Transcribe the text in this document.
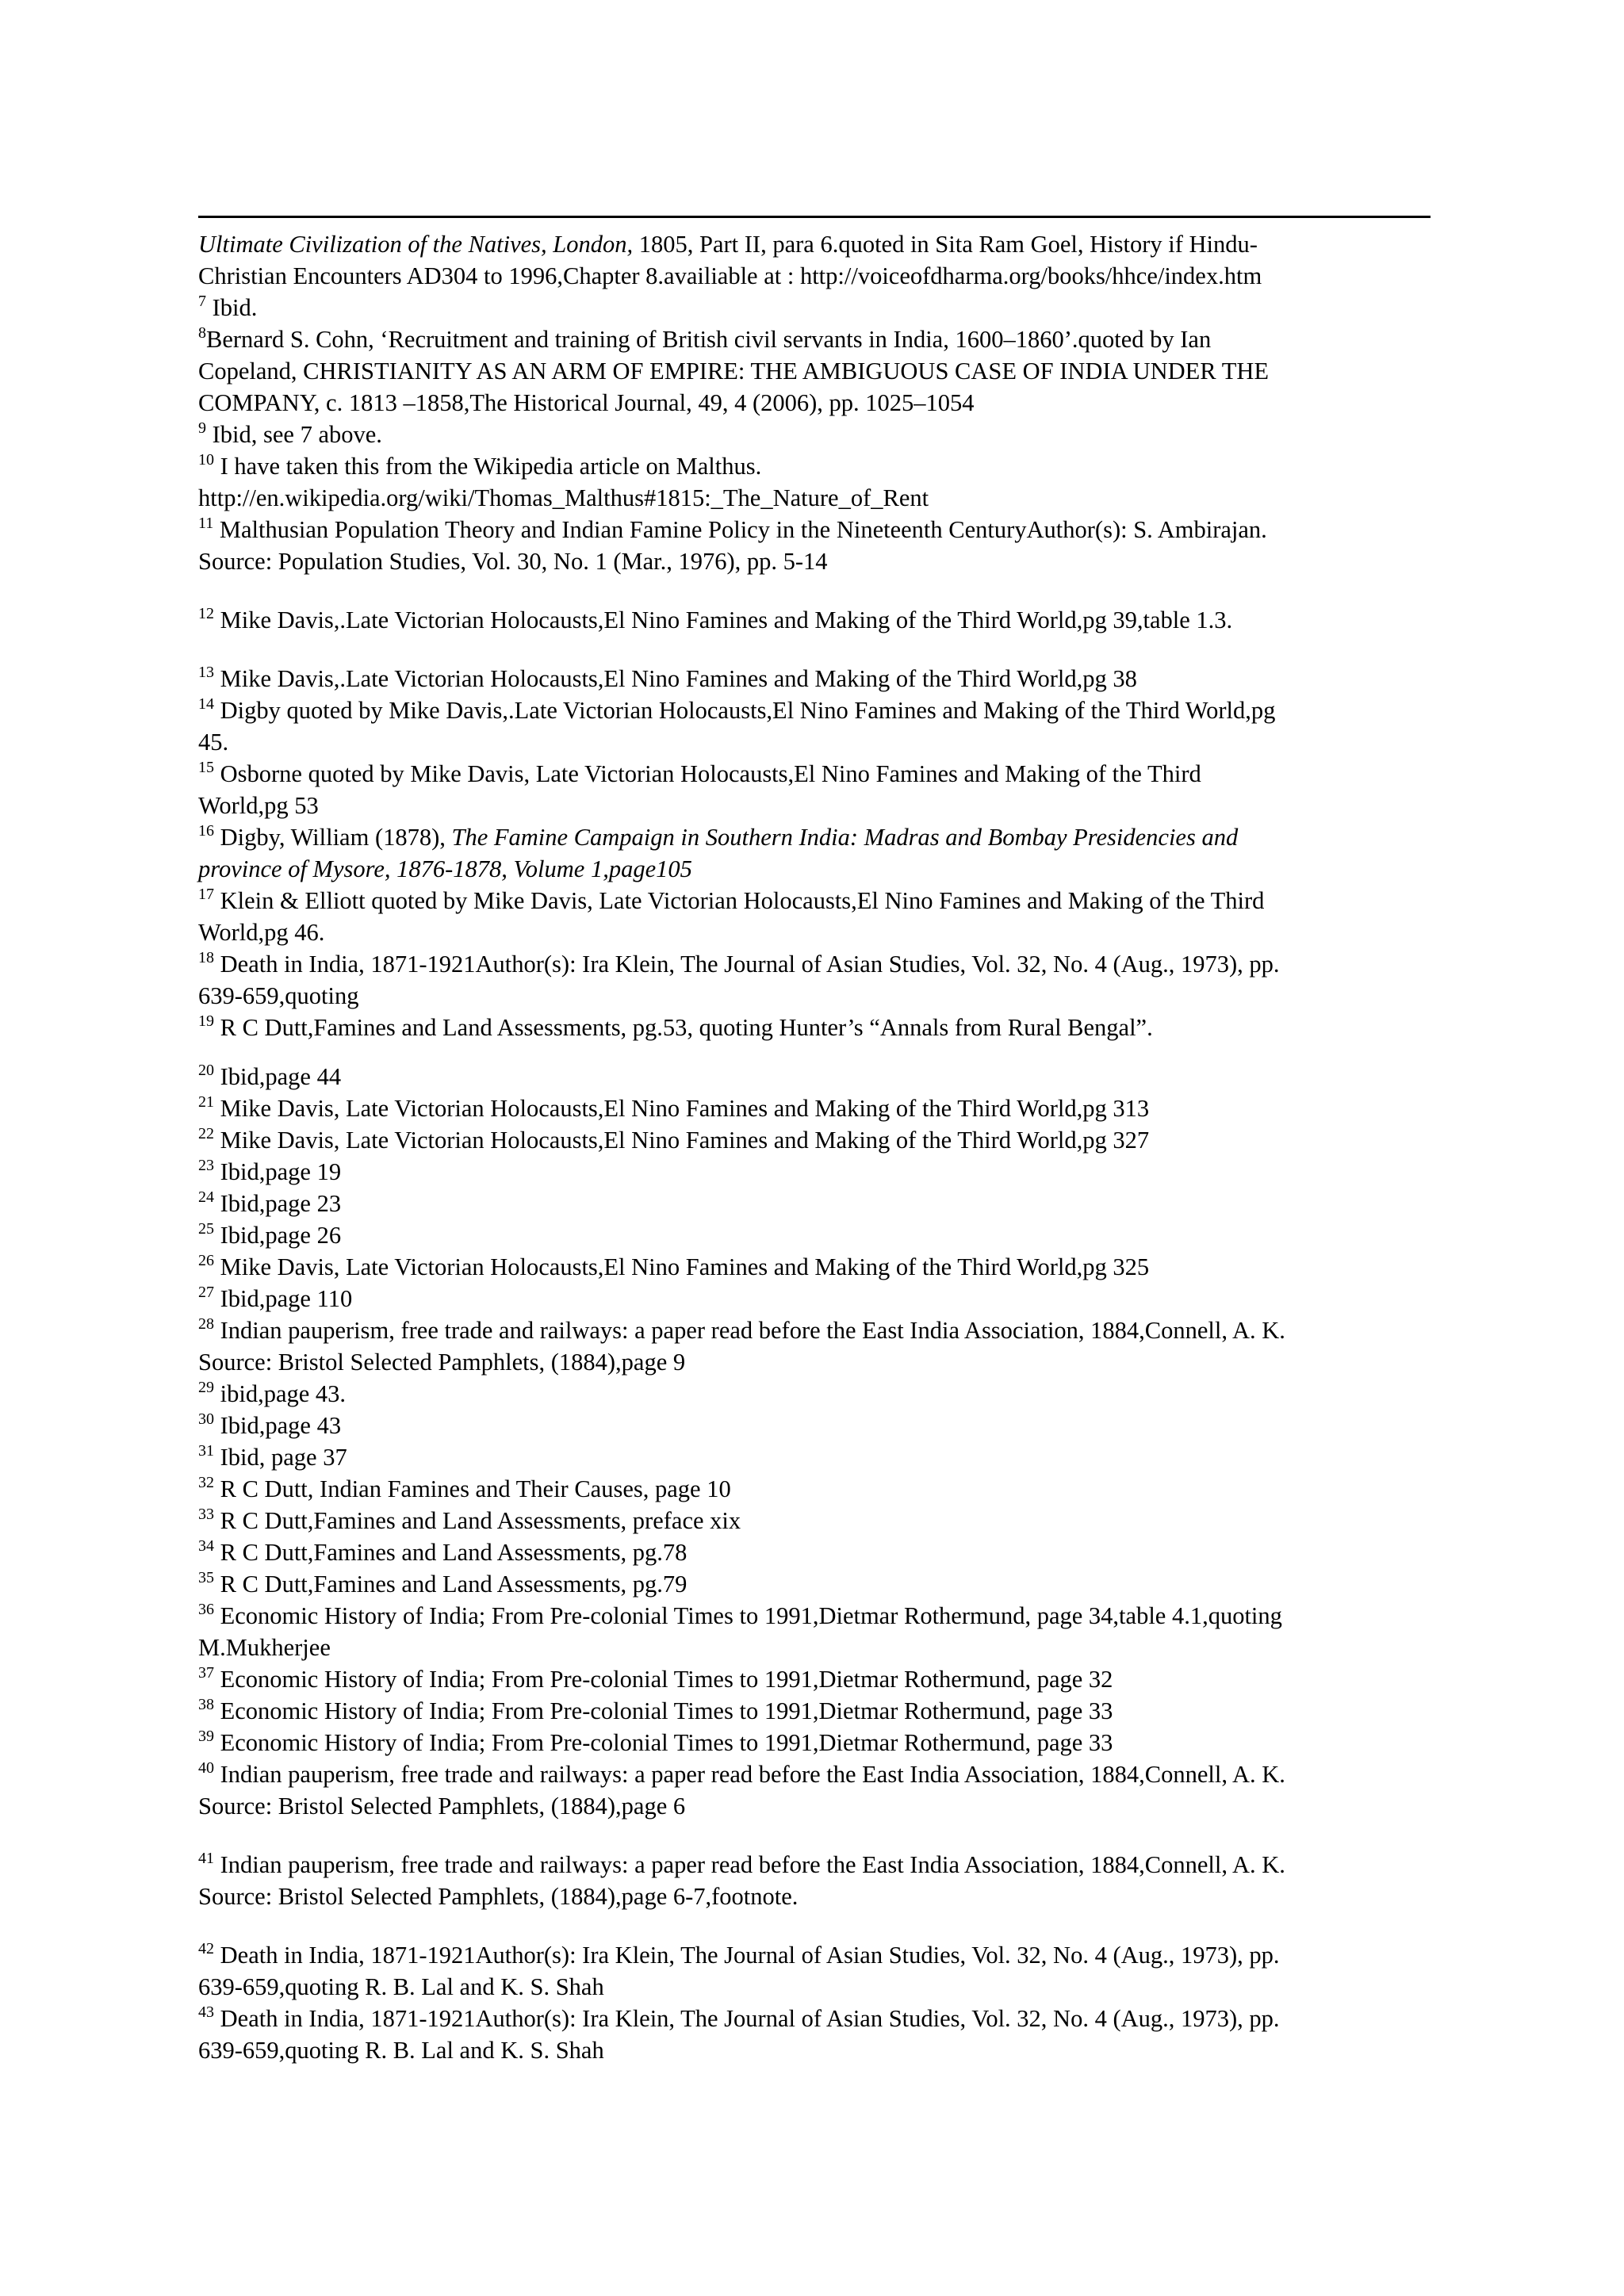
Ultimate Civilization of the Natives, London, 1805, Part II, para 6.quoted in Sita Ram Goel, History if Hindu-

Christian Encounters AD304 to 1996,Chapter 8.availiable at : http://voiceofdharma.org/books/hhce/index.htm

$^7$ Ibid.

$^8$Bernard S. Cohn, ‘Recruitment and training of British civil servants in India, 1600–1860’.quoted by Ian

Copeland, CHRISTIANITY AS AN ARM OF EMPIRE: THE AMBIGUOUS CASE OF INDIA UNDER THE

COMPANY, c. 1813 –1858,The Historical Journal, 49, 4 (2006), pp. 1025–1054

$^9$ Ibid, see 7 above.

$^{10}$ I have taken this from the Wikipedia article on Malthus.

http://en.wikipedia.org/wiki/Thomas_Malthus#1815:_The_Nature_of_Rent

$^{11}$ Malthusian Population Theory and Indian Famine Policy in the Nineteenth CenturyAuthor(s): S. Ambirajan.

Source: Population Studies, Vol. 30, No. 1 (Mar., 1976), pp. 5-14

$^{12}$ Mike Davis,.Late Victorian Holocausts,El Nino Famines and Making of the Third World,pg 39,table 1.3.

$^{13}$ Mike Davis,.Late Victorian Holocausts,El Nino Famines and Making of the Third World,pg 38

$^{14}$ Digby quoted by Mike Davis,.Late Victorian Holocausts,El Nino Famines and Making of the Third World,pg

45.

$^{15}$ Osborne quoted by Mike Davis, Late Victorian Holocausts,El Nino Famines and Making of the Third

World,pg 53

$^{16}$ Digby, William (1878), The Famine Campaign in Southern India: Madras and Bombay Presidencies and

province of Mysore, 1876-1878, Volume 1,page105

$^{17}$ Klein & Elliott quoted by Mike Davis, Late Victorian Holocausts,El Nino Famines and Making of the Third

World,pg 46.

$^{18}$ Death in India, 1871-1921Author(s): Ira Klein, The Journal of Asian Studies, Vol. 32, No. 4 (Aug., 1973), pp.

639-659,quoting

$^{19}$ R C Dutt,Famines and Land Assessments, pg.53, quoting Hunter’s “Annals from Rural Bengal”.

$^{20}$ Ibid,page 44

$^{21}$ Mike Davis, Late Victorian Holocausts,El Nino Famines and Making of the Third World,pg 313

$^{22}$ Mike Davis, Late Victorian Holocausts,El Nino Famines and Making of the Third World,pg 327

$^{23}$ Ibid,page 19

$^{24}$ Ibid,page 23

$^{25}$ Ibid,page 26

$^{26}$ Mike Davis, Late Victorian Holocausts,El Nino Famines and Making of the Third World,pg 325

$^{27}$ Ibid,page 110

$^{28}$ Indian pauperism, free trade and railways: a paper read before the East India Association, 1884,Connell, A. K.

Source: Bristol Selected Pamphlets, (1884),page 9

$^{29}$ ibid,page 43.

$^{30}$ Ibid,page 43

$^{31}$ Ibid, page 37

$^{32}$ R C Dutt, Indian Famines and Their Causes, page 10

$^{33}$ R C Dutt,Famines and Land Assessments, preface xix

$^{34}$ R C Dutt,Famines and Land Assessments, pg.78

$^{35}$ R C Dutt,Famines and Land Assessments, pg.79

$^{36}$ Economic History of India; From Pre-colonial Times to 1991,Dietmar Rothermund, page 34,table 4.1,quoting

M.Mukherjee

$^{37}$ Economic History of India; From Pre-colonial Times to 1991,Dietmar Rothermund, page 32

$^{38}$ Economic History of India; From Pre-colonial Times to 1991,Dietmar Rothermund, page 33

$^{39}$ Economic History of India; From Pre-colonial Times to 1991,Dietmar Rothermund, page 33

$^{40}$ Indian pauperism, free trade and railways: a paper read before the East India Association, 1884,Connell, A. K.

Source: Bristol Selected Pamphlets, (1884),page 6

$^{41}$ Indian pauperism, free trade and railways: a paper read before the East India Association, 1884,Connell, A. K.

Source: Bristol Selected Pamphlets, (1884),page 6-7,footnote.

$^{42}$ Death in India, 1871-1921Author(s): Ira Klein, The Journal of Asian Studies, Vol. 32, No. 4 (Aug., 1973), pp.

639-659,quoting R. B. Lal and K. S. Shah

$^{43}$ Death in India, 1871-1921Author(s): Ira Klein, The Journal of Asian Studies, Vol. 32, No. 4 (Aug., 1973), pp.

639-659,quoting R. B. Lal and K. S. Shah
